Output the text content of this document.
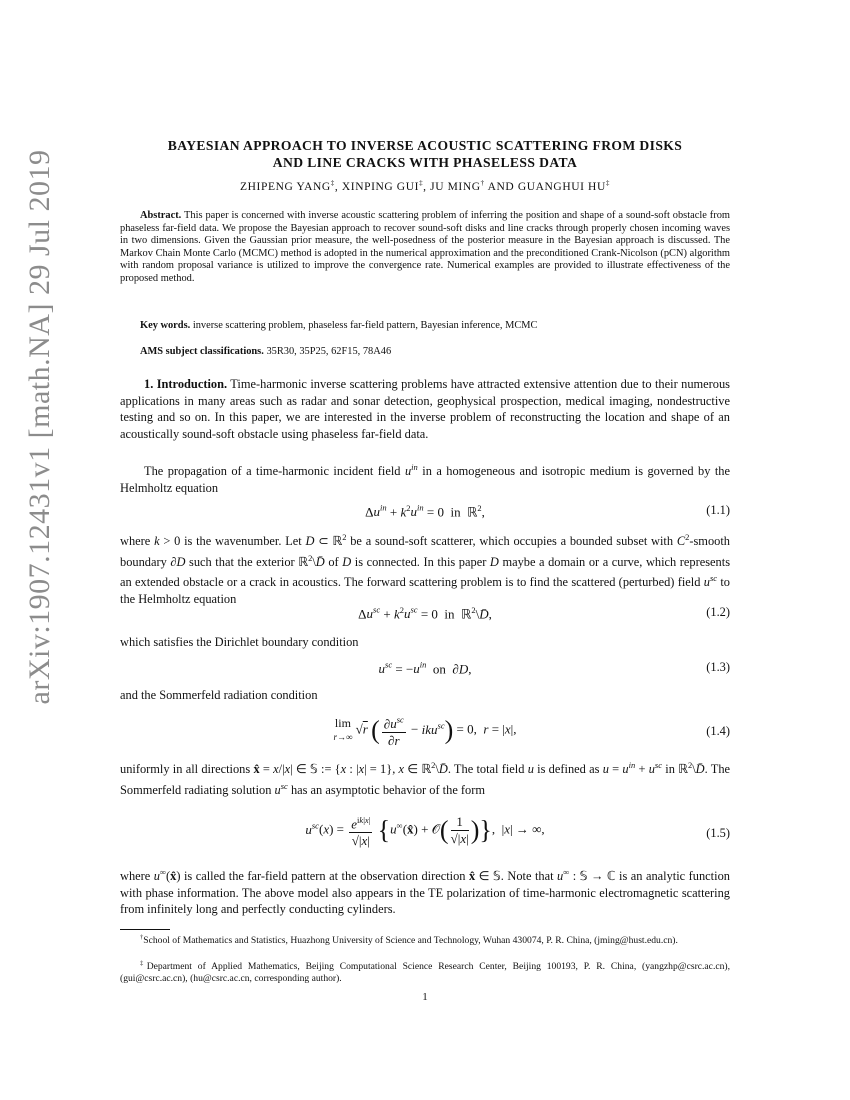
arXiv:1907.12431v1 [math.NA] 29 Jul 2019
BAYESIAN APPROACH TO INVERSE ACOUSTIC SCATTERING FROM DISKS
AND LINE CRACKS WITH PHASELESS DATA
ZHIPENG YANG‡, XINPING GUI‡, JU MING† AND GUANGHUI HU‡
Abstract. This paper is concerned with inverse acoustic scattering problem of inferring the position and shape of a sound-soft obstacle from phaseless far-field data. We propose the Bayesian approach to recover sound-soft disks and line cracks through properly chosen incoming waves in two dimensions. Given the Gaussian prior measure, the well-posedness of the posterior measure in the Bayesian approach is discussed. The Markov Chain Monte Carlo (MCMC) method is adopted in the numerical approximation and the preconditioned Crank-Nicolson (pCN) algorithm with random proposal variance is utilized to improve the convergence rate. Numerical examples are provided to illustrate effectiveness of the proposed method.
Key words. inverse scattering problem, phaseless far-field pattern, Bayesian inference, MCMC
AMS subject classifications. 35R30, 35P25, 62F15, 78A46
1. Introduction. Time-harmonic inverse scattering problems have attracted extensive attention due to their numerous applications in many areas such as radar and sonar detection, geophysical prospection, medical imaging, nondestructive testing and so on. In this paper, we are interested in the inverse problem of reconstructing the location and shape of an acoustically sound-soft obstacle using phaseless far-field data.
The propagation of a time-harmonic incident field $u^{in}$ in a homogeneous and isotropic medium is governed by the Helmholtz equation
$\Delta u^{in} + k^2u^{in} = 0$  in  ℝ$^2$,	(1.1)
where k > 0 is the wavenumber. Let D ⊂ ℝ$^2$ be a sound-soft scatterer, which occupies a bounded subset with $C^2$-smooth boundary ∂D such that the exterior ℝ$^2$\D̄ of D is connected. In this paper D maybe a domain or a curve, which represents an extended obstacle or a crack in acoustics. The forward scattering problem is to find the scattered (perturbed) field $u^{sc}$ to the Helmholtz equation
$\Delta u^{sc} + k^2u^{sc} = 0$  in  ℝ$^2$\D̄,	(1.2)
which satisfies the Dirichlet boundary condition
$u^{sc} = -u^{in}$ on  ∂D,	(1.3)
and the Sommerfeld radiation condition
lim
r→∞ √r ( $\frac{\partial u^{sc}}{\partial r} - iku^{sc}) = 0$,  r = |x|,	(1.4)
uniformly in all directions x̂ = x/|x| ∈ 𝕊 := {x : |x| = 1}, x ∈ ℝ$^2$\D̄. The total field u is defined as $u = u^{in} + u^{sc}$ in ℝ$^2$\D̄. The Sommerfeld radiating solution $u^{sc}$ has an asymptotic behavior of the form
$u^{sc}(x) = \frac{e^{ik|x|}}{√|x|}$ {u∞(x̂) + 𝒪( $\frac{1}{√|x|}$ )},  |x| → ∞,	(1.5)
where u∞(x̂) is called the far-field pattern at the observation direction x̂ ∈ 𝕊. Note that u∞ : 𝕊 → ℂ is an analytic function with phase information. The above model also appears in the TE polarization of time-harmonic electromagnetic scattering from infinitely long and perfectly conducting cylinders.
†School of Mathematics and Statistics, Huazhong University of Science and Technology, Wuhan 430074, P. R. China, (jming@hust.edu.cn).
‡Department of Applied Mathematics, Beijing Computational Science Research Center, Beijing 100193, P. R. China, (yangzhp@csrc.ac.cn), (gui@csrc.ac.cn), (hu@csrc.ac.cn, corresponding author).
1
